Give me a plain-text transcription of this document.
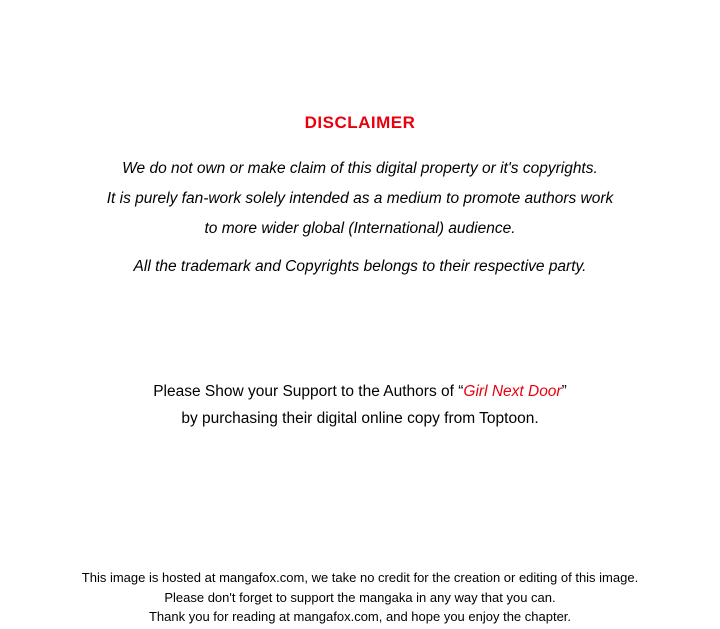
DISCLAIMER
We do not own or make claim of this digital property or it's copyrights.
It is purely fan-work solely intended as a medium to promote authors work
to more wider global (International) audience.
All the trademark and Copyrights belongs to their respective party.
Please Show your Support to the Authors of “Girl Next Door”
by purchasing their digital online copy from Toptoon.
This image is hosted at mangafox.com, we take no credit for the creation or editing of this image.
Please don't forget to support the mangaka in any way that you can.
Thank you for reading at mangafox.com, and hope you enjoy the chapter.
